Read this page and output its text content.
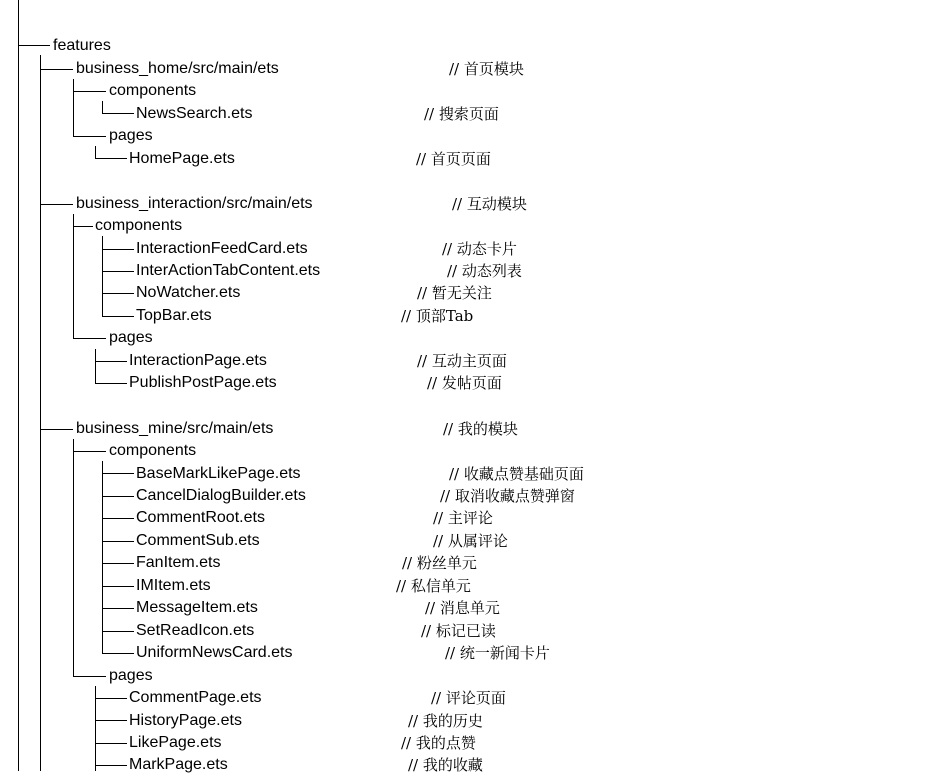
features
business_home/src/main/ets	// 首页模块
components
NewsSearch.ets	// 搜索页面
pages
HomePage.ets	// 首页页面
business_interaction/src/main/ets	// 互动模块
components
InteractionFeedCard.ets	// 动态卡片
InterActionTabContent.ets	// 动态列表
NoWatcher.ets	// 暂无关注
TopBar.ets	// 顶部Tab
pages
InteractionPage.ets	// 互动主页面
PublishPostPage.ets	// 发帖页面
business_mine/src/main/ets	// 我的模块
components
BaseMarkLikePage.ets	// 收藏点赞基础页面
CancelDialogBuilder.ets	// 取消收藏点赞弹窗
CommentRoot.ets	// 主评论
CommentSub.ets	// 从属评论
FanItem.ets	// 粉丝单元
IMItem.ets	// 私信单元
MessageItem.ets	// 消息单元
SetReadIcon.ets	// 标记已读
UniformNewsCard.ets	// 统一新闻卡片
pages
CommentPage.ets	// 评论页面
HistoryPage.ets	// 我的历史
LikePage.ets	// 我的点赞
MarkPage.ets	// 我的收藏
